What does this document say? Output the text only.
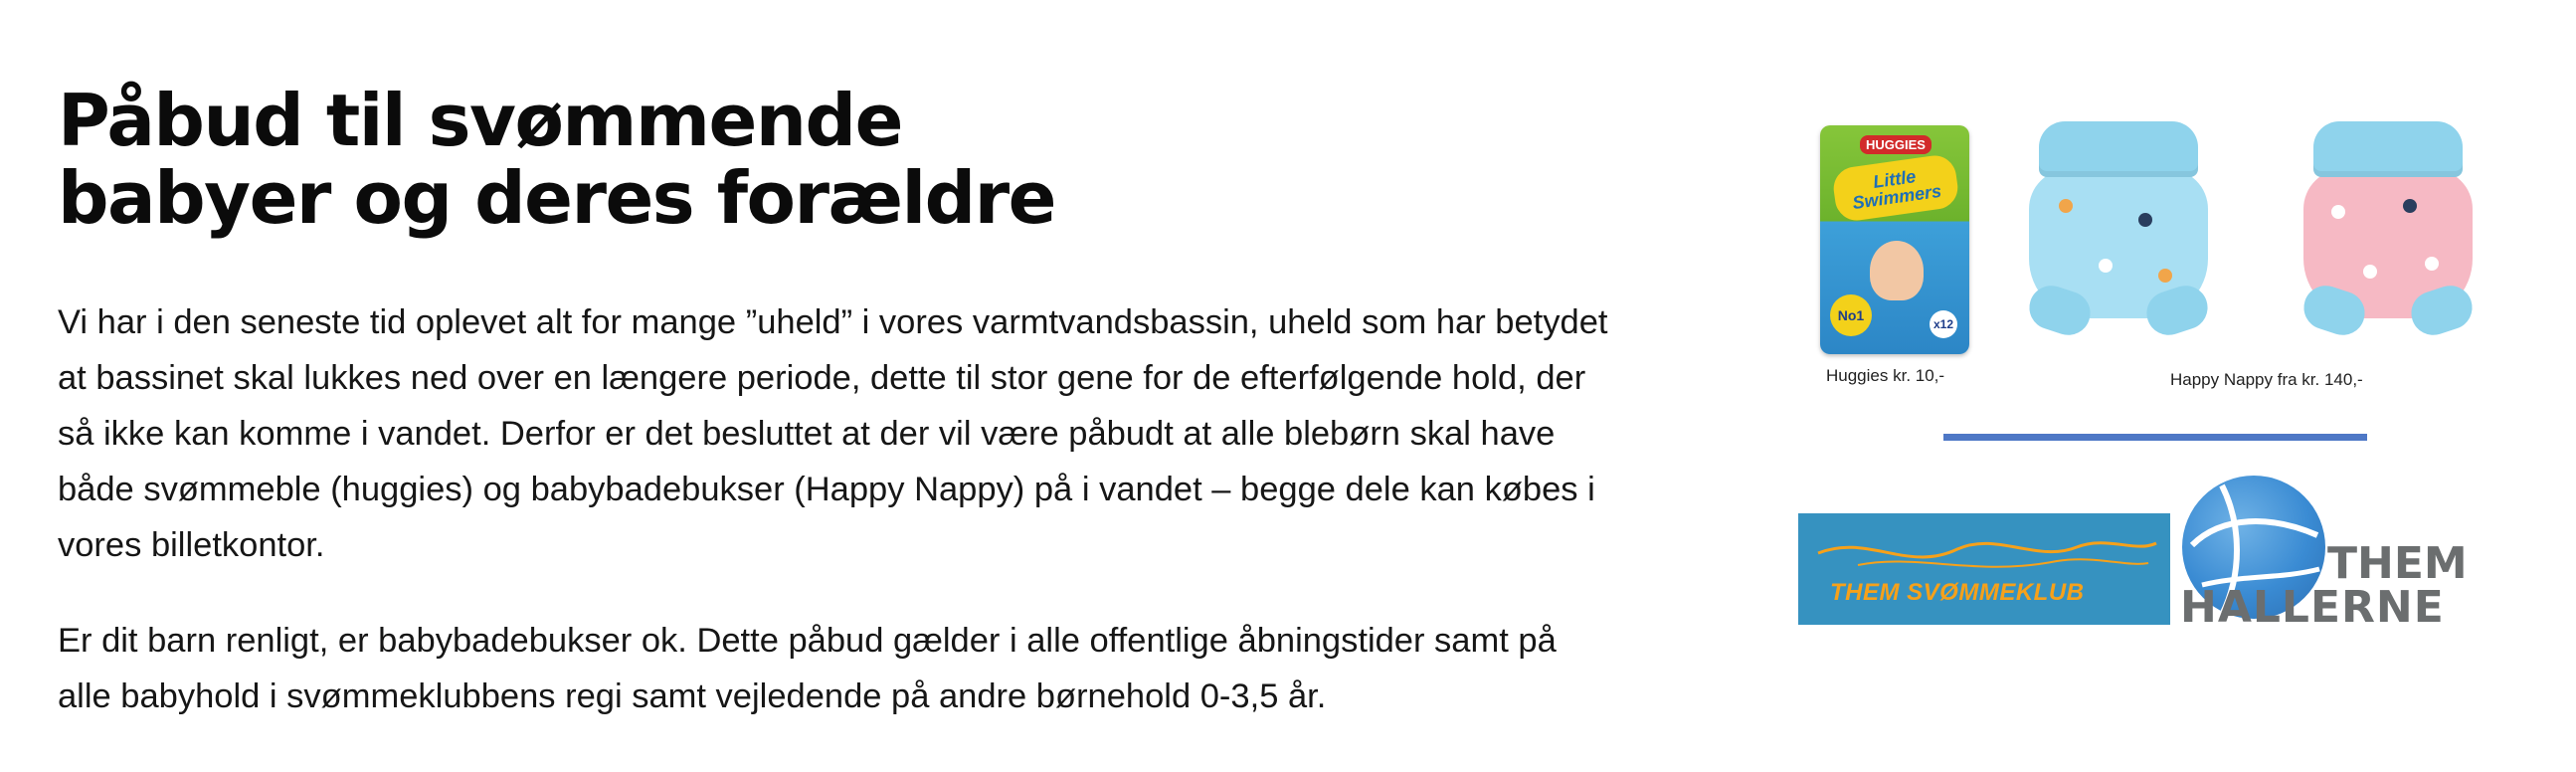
Påbud til svømmende
babyer og deres forældre

Vi har i den seneste tid oplevet alt for mange ”uheld” i vores varmtvandsbassin, uheld som har betydet
at bassinet skal lukkes ned over en længere periode, dette til stor gene for de efterfølgende hold, der
så ikke kan komme i vandet. Derfor er det besluttet at der vil være påbudt at alle blebørn skal have
både svømmeble (huggies) og babybadebukser (Happy Nappy) på i vandet – begge dele kan købes i
vores billetkontor.

Er dit barn renligt, er babybadebukser ok. Dette påbud gælder i alle offentlige åbningstider samt på
alle babyhold i svømmeklubbens regi samt vejledende på andre børnehold 0-3,5 år.

HUGGIES
Little Swimmers
No1
x12
Huggies kr. 10,-	Happy Nappy fra kr. 140,-
THEM SVØMMEKLUB
THEM
HALLERNE
